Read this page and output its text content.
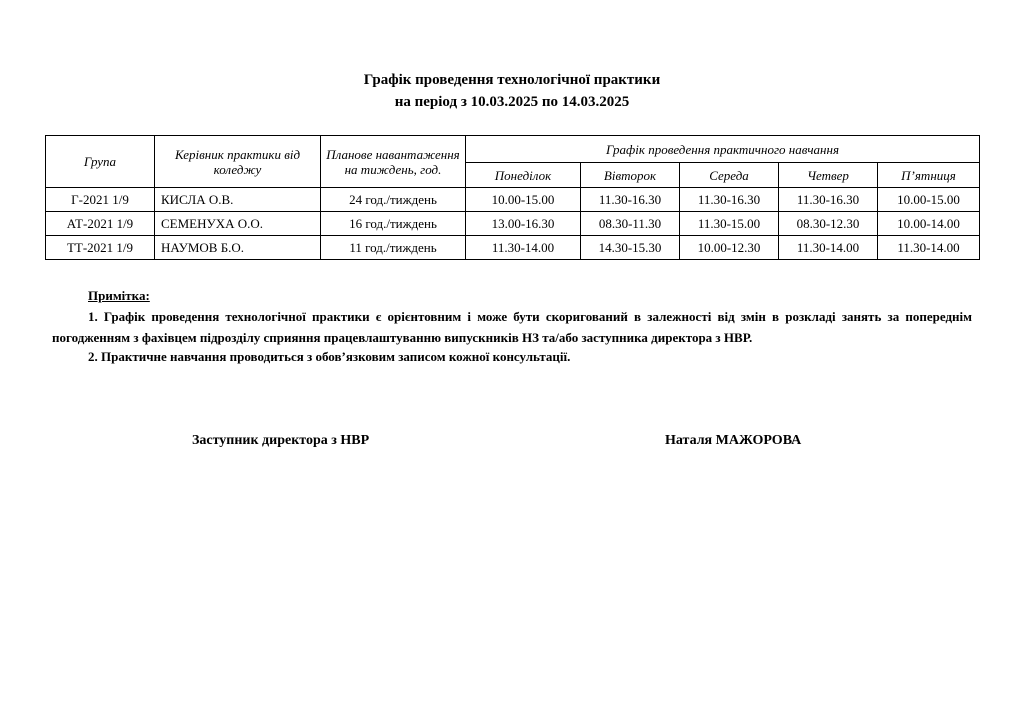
Графік проведення технологічної практики
на період з 10.03.2025 по 14.03.2025
Група	Керівник практики від коледжу	Планове навантаження на тиждень, год.	Графік проведення практичного навчання				
			Понеділок	Вівторок	Середа	Четвер	П’ятниця
Г-2021 1/9	КИСЛА О.В.	24 год./тиждень	10.00-15.00	11.30-16.30	11.30-16.30	11.30-16.30	10.00-15.00
АТ-2021 1/9	СЕМЕНУХА О.О.	16 год./тиждень	13.00-16.30	08.30-11.30	11.30-15.00	08.30-12.30	10.00-14.00
ТТ-2021 1/9	НАУМОВ Б.О.	11 год./тиждень	11.30-14.00	14.30-15.30	10.00-12.30	11.30-14.00	11.30-14.00
Примітка:
1. Графік проведення технологічної практики є орієнтовним і може бути скоригований в залежності від змін в розкладі занять за попереднім погодженням з фахівцем підрозділу сприяння працевлаштуванню випускників НЗ та/або заступника директора з НВР.
2. Практичне навчання проводиться з обов’язковим записом кожної консультації.
Заступник директора з НВР	Наталя МАЖОРОВА
